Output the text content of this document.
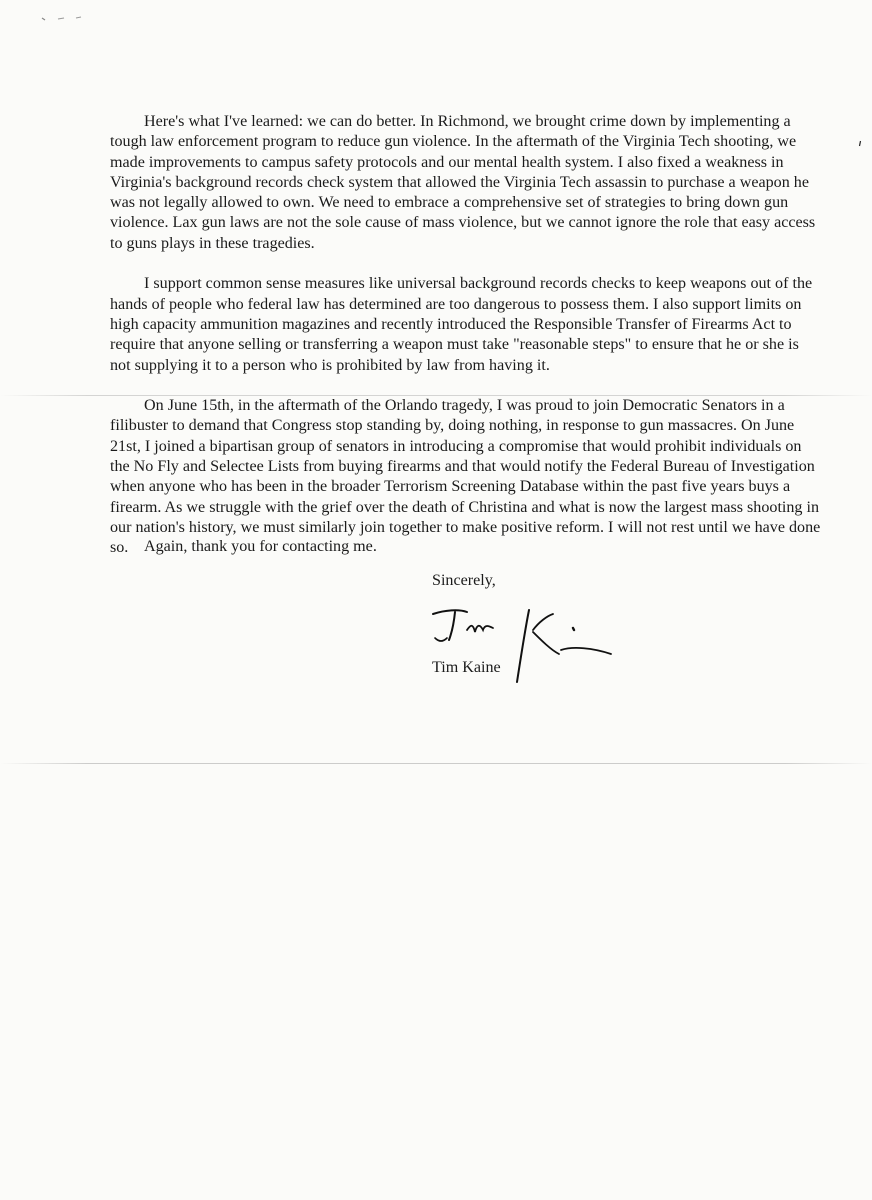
Here's what I've learned: we can do better. In Richmond, we brought crime down by implementing a tough law enforcement program to reduce gun violence. In the aftermath of the Virginia Tech shooting, we made improvements to campus safety protocols and our mental health system. I also fixed a weakness in Virginia's background records check system that allowed the Virginia Tech assassin to purchase a weapon he was not legally allowed to own. We need to embrace a comprehensive set of strategies to bring down gun violence. Lax gun laws are not the sole cause of mass violence, but we cannot ignore the role that easy access to guns plays in these tragedies.

I support common sense measures like universal background records checks to keep weapons out of the hands of people who federal law has determined are too dangerous to possess them. I also support limits on high capacity ammunition magazines and recently introduced the Responsible Transfer of Firearms Act to require that anyone selling or transferring a weapon must take "reasonable steps" to ensure that he or she is not supplying it to a person who is prohibited by law from having it.

On June 15th, in the aftermath of the Orlando tragedy, I was proud to join Democratic Senators in a filibuster to demand that Congress stop standing by, doing nothing, in response to gun massacres. On June 21st, I joined a bipartisan group of senators in introducing a compromise that would prohibit individuals on the No Fly and Selectee Lists from buying firearms and that would notify the Federal Bureau of Investigation when anyone who has been in the broader Terrorism Screening Database within the past five years buys a firearm. As we struggle with the grief over the death of Christina and what is now the largest mass shooting in our nation's history, we must similarly join together to make positive reform. I will not rest until we have done so. Again, thank you for contacting me.
Sincerely,
Tim Kaine
